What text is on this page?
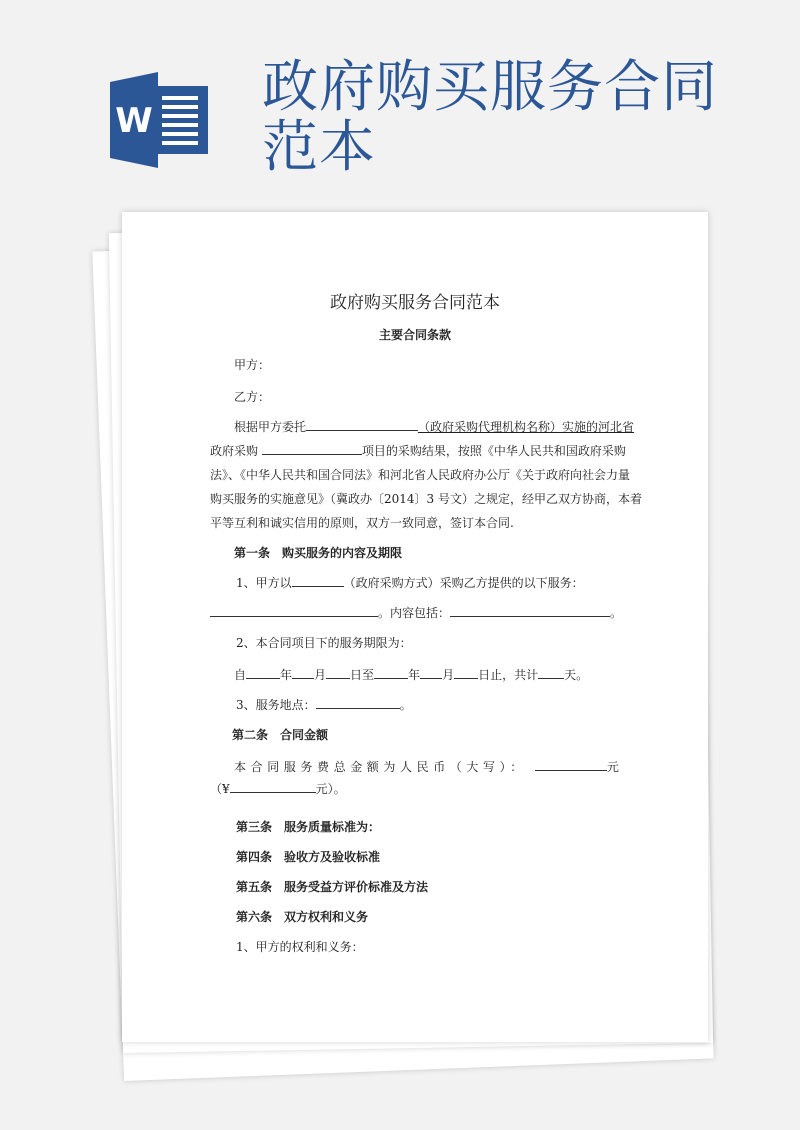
W
政府购买服务合同范本
政府购买服务合同范本
主要合同条款
甲方：
乙方：
根据甲方委托	（政府采购代理机构名称）实施的河北省
政府采购	项目的采购结果，按照《中华人民共和国政府采购
法》、《中华人民共和国合同法》和河北省人民政府办公厅《关于政府向社会力量
购买服务的实施意见》（冀政办〔2014〕3 号文）之规定，经甲乙双方协商，本着
平等互利和诚实信用的原则，双方一致同意，签订本合同.
第一条　购买服务的内容及期限
1、甲方以	（政府采购方式）采购乙方提供的以下服务：
。内容包括：	。
2、本合同项目下的服务期限为：
自	年 月 日至	年 月 日止，共计 天。
3、服务地点：	。
第二条　合同金额
本合同服务费总金额为人民币（大写）：	元
（¥	元）。
第三条　服务质量标准为：
第四条　验收方及验收标准
第五条　服务受益方评价标准及方法
第六条　双方权利和义务
1、甲方的权利和义务：
